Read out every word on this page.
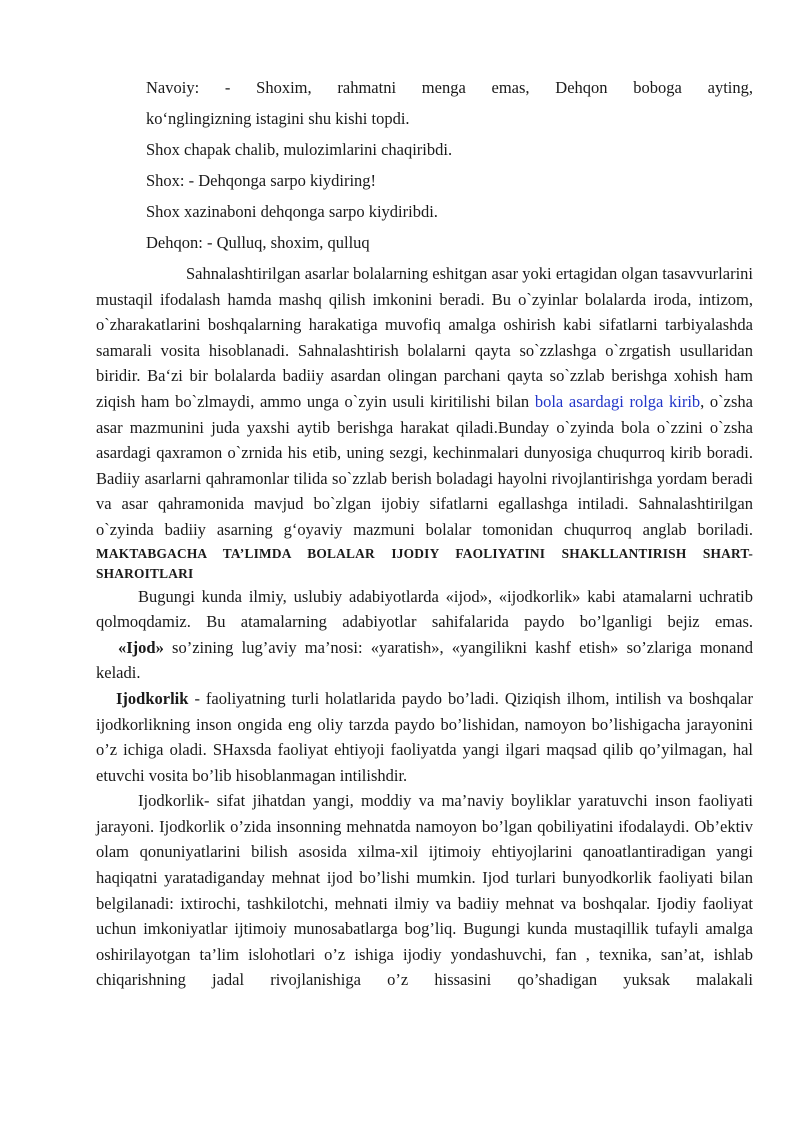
Navoiy: - Shoxim, rahmatni menga emas, Dehqon boboga ayting,
ko‘nglingizning istagini shu kishi topdi.
Shox chapak chalib, mulozimlarini chaqiribdi.
Shox: - Dehqonga sarpo kiydiring!
Shox xazinaboni dehqonga sarpo kiydiribdi.
Dehqon: - Qulluq, shoxim, qulluq
Sahnalashtirilgan asarlar bolalarning eshitgan asar yoki ertagidan olgan tasavvurlarini mustaqil ifodalash hamda mashq qilish imkonini beradi. Bu o`zyinlar bolalarda iroda, intizom, o`zharakatlarini boshqalarning harakatiga muvofiq amalga oshirish kabi sifatlarni tarbiyalashda samarali vosita hisoblanadi. Sahnalashtirish bolalarni qayta so`zzlashga o`zrgatish usullaridan biridir. Ba‘zi bir bolalarda badiiy asardan olingan parchani qayta so`zzlab berishga xohish ham ziqish ham bo`zlmaydi, ammo unga o`zyin usuli kiritilishi bilan bola asardagi rolga kirib, o`zsha asar mazmunini juda yaxshi aytib berishga harakat qiladi.Bunday o`zyinda bola o`zzini o`zsha asardagi qaxramon o`zrnida his etib, uning sezgi, kechinmalari dunyosiga chuqurroq kirib boradi. Badiiy asarlarni qahramonlar tilida so`zzlab berish boladagi hayolni rivojlantirishga yordam beradi va asar qahramonida mavjud bo`zlgan ijobiy sifatlarni egallashga intiladi. Sahnalashtirilgan o`zyinda badiiy asarning g‘oyaviy mazmuni bolalar tomonidan chuqurroq anglab boriladi.
MAKTABGACHA TA’LIMDA BOLALAR IJODIY FAOLIYATINI SHAKLLANTIRISH SHART-SHAROITLARI
Bugungi kunda ilmiy, uslubiy adabiyotlarda «ijod», «ijodkorlik» kabi atamalarni uchratib qolmoqdamiz. Bu atamalarning adabiyotlar sahifalarida paydo bo’lganligi bejiz emas.
«Ijod» so’zining lug’aviy ma’nosi: «yaratish», «yangilikni kashf etish» so’zlariga monand keladi.
Ijodkorlik - faoliyatning turli holatlarida paydo bo’ladi. Qiziqish ilhom, intilish va boshqalar ijodkorlikning inson ongida eng oliy tarzda paydo bo’lishidan, namoyon bo’lishigacha jarayonini o’z ichiga oladi. SHaxsda faoliyat ehtiyoji faoliyatda yangi ilgari maqsad qilib qo’yilmagan, hal etuvchi vosita bo’lib hisoblanmagan intilishdir.
Ijodkorlik- sifat jihatdan yangi, moddiy va ma’naviy boyliklar yaratuvchi inson faoliyati jarayoni. Ijodkorlik o’zida insonning mehnatda namoyon bo’lgan qobiliyatini ifodalaydi. Ob’ektiv olam qonuniyatlarini bilish asosida xilma-xil ijtimoiy ehtiyojlarini qanoatlantiradigan yangi haqiqatni yaratadiganday mehnat ijod bo’lishi mumkin. Ijod turlari bunyodkorlik faoliyati bilan belgilanadi: ixtirochi, tashkilotchi, mehnati ilmiy va badiiy mehnat va boshqalar. Ijodiy faoliyat uchun imkoniyatlar ijtimoiy munosabatlarga bog’liq. Bugungi kunda mustaqillik tufayli amalga oshirilayotgan ta’lim islohotlari o’z ishiga ijodiy yondashuvchi, fan , texnika, san’at, ishlab chiqarishning jadal rivojlanishiga o’z hissasini qo’shadigan yuksak malakali
